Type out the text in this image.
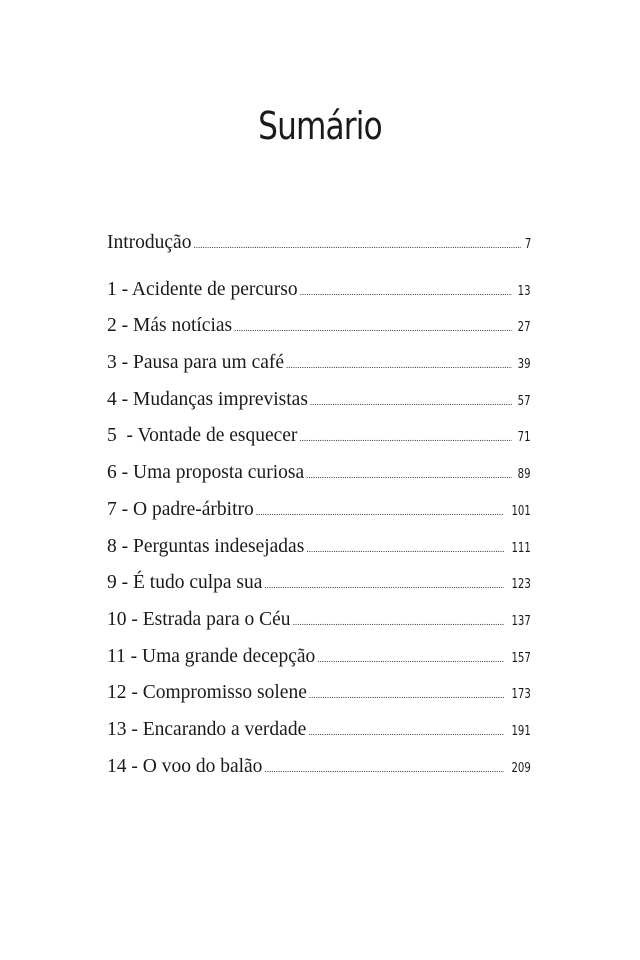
Sumário
Introdução .....	7
1 - Acidente de percurso .....	13
2 - Más notícias .....	27
3 - Pausa para um café .....	39
4 - Mudanças imprevistas .....	57
5  - Vontade de esquecer .....	71
6 - Uma proposta curiosa .....	89
7 - O padre-árbitro .....	101
8 - Perguntas indesejadas .....	111
9 - É tudo culpa sua .....	123
10 - Estrada para o Céu .....	137
11 - Uma grande decepção .....	157
12 - Compromisso solene .....	173
13 - Encarando a verdade .....	191
14 - O voo do balão .....	209
